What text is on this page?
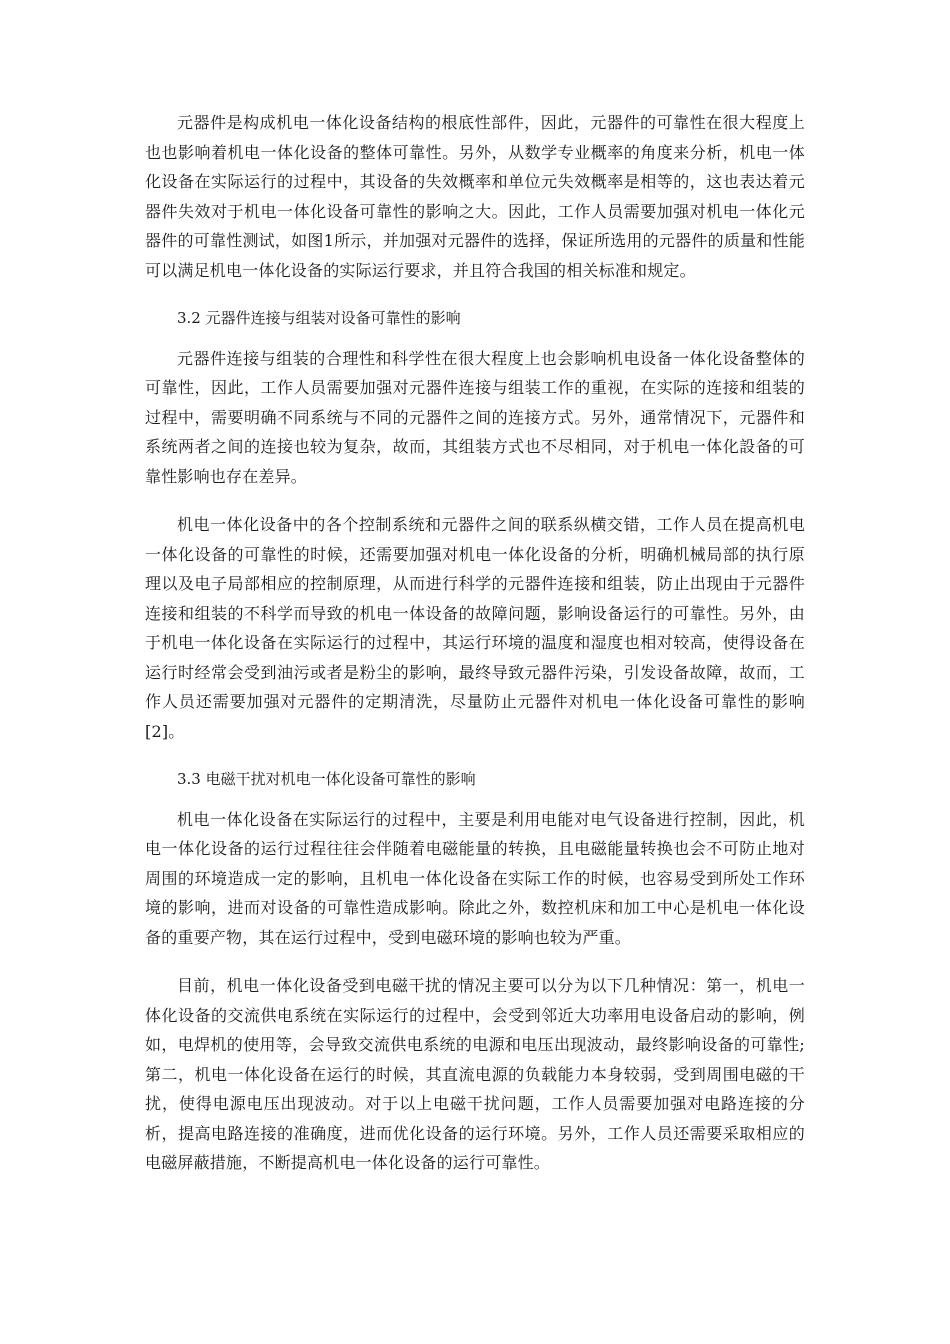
元器件是构成机电一体化设备结构的根底性部件，因此，元器件的可靠性在很大程度上也也影响着机电一体化设备的整体可靠性。另外，从数学专业概率的角度来分析，机电一体化设备在实际运行的过程中，其设备的失效概率和单位元失效概率是相等的，这也表达着元器件失效对于机电一体化设备可靠性的影响之大。因此，工作人员需要加强对机电一体化元器件的可靠性测试，如图1所示，并加强对元器件的选择，保证所选用的元器件的质量和性能可以满足机电一体化设备的实际运行要求，并且符合我国的相关标准和规定。

3.2 元器件连接与组装对设备可靠性的影响

元器件连接与组装的合理性和科学性在很大程度上也会影响机电设备一体化设备整体的可靠性，因此，工作人员需要加强对元器件连接与组装工作的重视，在实际的连接和组装的过程中，需要明确不同系统与不同的元器件之间的连接方式。另外，通常情况下，元器件和系统两者之间的连接也较为复杂，故而，其组装方式也不尽相同，对于机电一体化設备的可靠性影响也存在差异。

机电一体化设备中的各个控制系统和元器件之间的联系纵横交错，工作人员在提高机电一体化设备的可靠性的时候，还需要加强对机电一体化设备的分析，明确机械局部的执行原理以及电子局部相应的控制原理，从而进行科学的元器件连接和组装，防止出现由于元器件连接和组装的不科学而导致的机电一体设备的故障问题，影响设备运行的可靠性。另外，由于机电一体化设备在实际运行的过程中，其运行环境的温度和湿度也相对较高，使得设备在运行时经常会受到油污或者是粉尘的影响，最终导致元器件污染，引发设备故障，故而，工作人员还需要加强对元器件的定期清洗，尽量防止元器件对机电一体化设备可靠性的影响[2]。

3.3 电磁干扰对机电一体化设备可靠性的影响

机电一体化设备在实际运行的过程中，主要是利用电能对电气设备进行控制，因此，机电一体化设备的运行过程往往会伴随着电磁能量的转换，且电磁能量转换也会不可防止地对周围的环境造成一定的影响，且机电一体化设备在实际工作的时候，也容易受到所处工作环境的影响，进而对设备的可靠性造成影响。除此之外，数控机床和加工中心是机电一体化设备的重要产物，其在运行过程中，受到电磁环境的影响也较为严重。

目前，机电一体化设备受到电磁干扰的情况主要可以分为以下几种情况：第一，机电一体化设备的交流供电系统在实际运行的过程中，会受到邻近大功率用电设备启动的影响，例如，电焊机的使用等，会导致交流供电系统的电源和电压出现波动，最终影响设备的可靠性;第二，机电一体化设备在运行的时候，其直流电源的负载能力本身较弱，受到周围电磁的干扰，使得电源电压出现波动。对于以上电磁干扰问题，工作人员需要加强对电路连接的分析，提高电路连接的准确度，进而优化设备的运行环境。另外，工作人员还需要采取相应的电磁屏蔽措施，不断提高机电一体化设备的运行可靠性。
